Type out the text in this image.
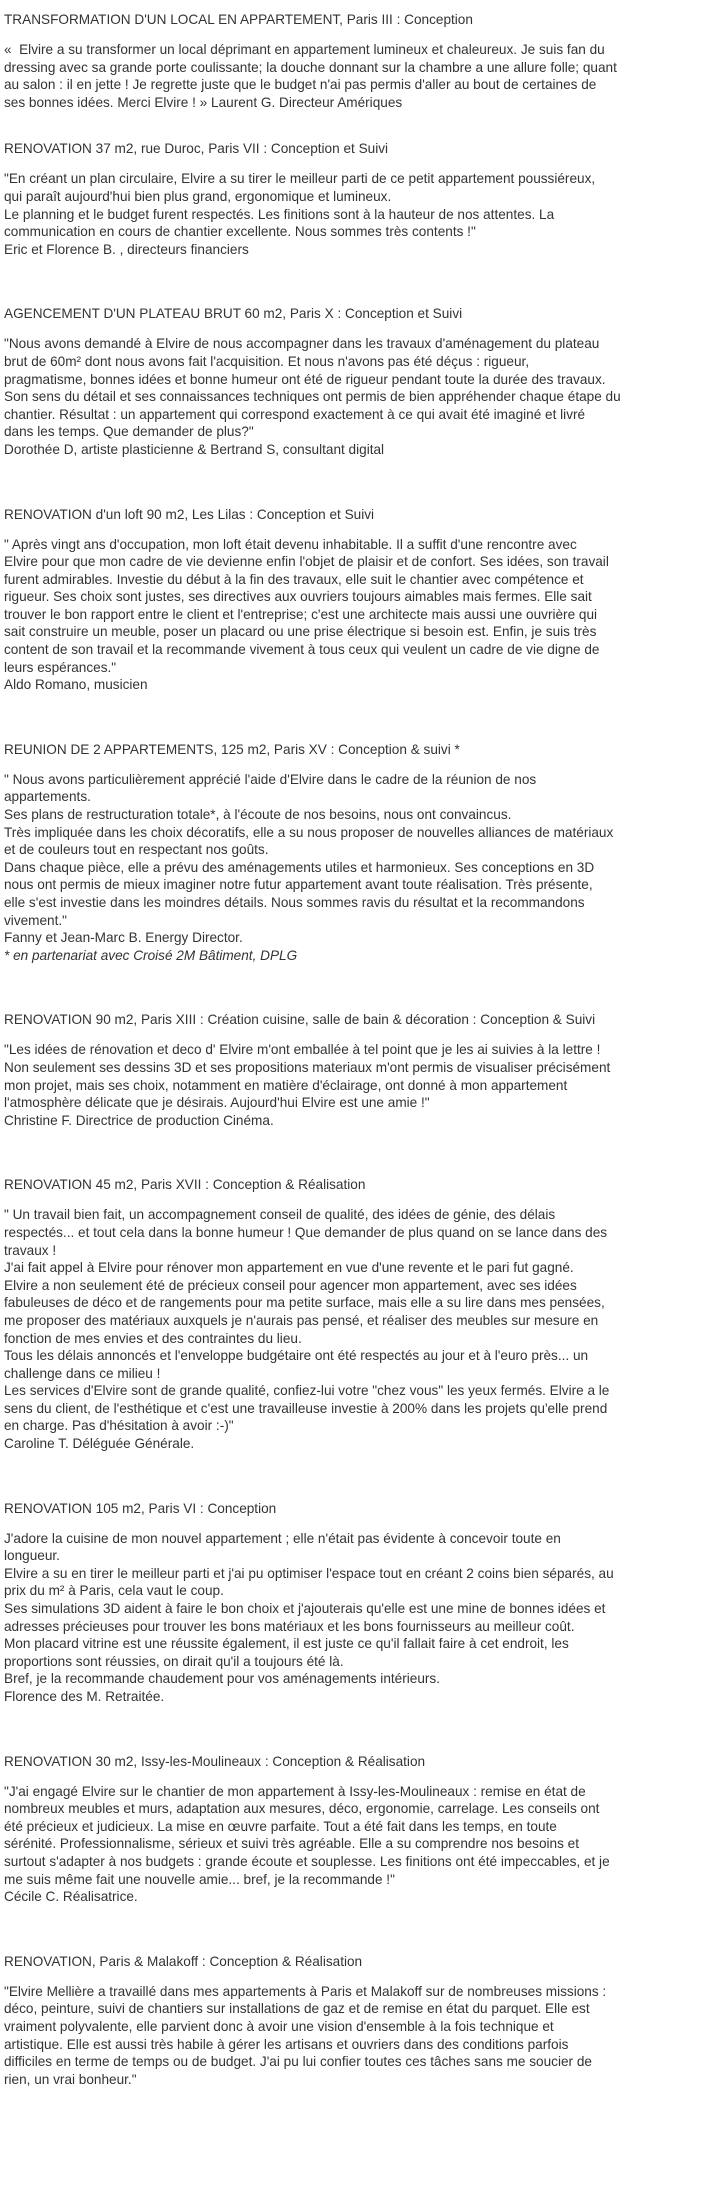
TRANSFORMATION D'UN LOCAL EN APPARTEMENT, Paris III : Conception
«  Elvire a su transformer un local déprimant en appartement lumineux et chaleureux. Je suis fan du
dressing avec sa grande porte coulissante; la douche donnant sur la chambre a une allure folle; quant
au salon : il en jette ! Je regrette juste que le budget n'ai pas permis d'aller au bout de certaines de
ses bonnes idées. Merci Elvire ! » Laurent G. Directeur Amériques
RENOVATION 37 m2, rue Duroc, Paris VII : Conception et Suivi
"En créant un plan circulaire, Elvire a su tirer le meilleur parti de ce petit appartement poussiéreux,
qui paraît aujourd'hui bien plus grand, ergonomique et lumineux.
Le planning et le budget furent respectés. Les finitions sont à la hauteur de nos attentes. La
communication en cours de chantier excellente. Nous sommes très contents !"
Eric et Florence B. , directeurs financiers
AGENCEMENT D'UN PLATEAU BRUT 60 m2, Paris X : Conception et Suivi
"Nous avons demandé à Elvire de nous accompagner dans les travaux d'aménagement du plateau
brut de 60m² dont nous avons fait l'acquisition. Et nous n'avons pas été déçus : rigueur,
pragmatisme, bonnes idées et bonne humeur ont été de rigueur pendant toute la durée des travaux.
Son sens du détail et ses connaissances techniques ont permis de bien appréhender chaque étape du
chantier. Résultat : un appartement qui correspond exactement à ce qui avait été imaginé et livré
dans les temps. Que demander de plus?"
Dorothée D, artiste plasticienne & Bertrand S, consultant digital
RENOVATION d'un loft 90 m2, Les Lilas : Conception et Suivi
" Après vingt ans d'occupation, mon loft était devenu inhabitable. Il a suffit d'une rencontre avec
Elvire pour que mon cadre de vie devienne enfin l'objet de plaisir et de confort. Ses idées, son travail
furent admirables. Investie du début à la fin des travaux, elle suit le chantier avec compétence et
rigueur. Ses choix sont justes, ses directives aux ouvriers toujours aimables mais fermes. Elle sait
trouver le bon rapport entre le client et l'entreprise; c'est une architecte mais aussi une ouvrière qui
sait construire un meuble, poser un placard ou une prise électrique si besoin est. Enfin, je suis très
content de son travail et la recommande vivement à tous ceux qui veulent un cadre de vie digne de
leurs espérances."
Aldo Romano, musicien
REUNION DE 2 APPARTEMENTS, 125 m2, Paris XV : Conception & suivi *
" Nous avons particulièrement apprécié l'aide d'Elvire dans le cadre de la réunion de nos
appartements.
Ses plans de restructuration totale*, à l'écoute de nos besoins, nous ont convaincus.
Très impliquée dans les choix décoratifs, elle a su nous proposer de nouvelles alliances de matériaux
et de couleurs tout en respectant nos goûts.
Dans chaque pièce, elle a prévu des aménagements utiles et harmonieux. Ses conceptions en 3D
nous ont permis de mieux imaginer notre futur appartement avant toute réalisation. Très présente,
elle s'est investie dans les moindres détails. Nous sommes ravis du résultat et la recommandons
vivement."
Fanny et Jean-Marc B. Energy Director.
* en partenariat avec Croisé 2M Bâtiment, DPLG
RENOVATION 90 m2, Paris XIII : Création cuisine, salle de bain & décoration : Conception & Suivi
"Les idées de rénovation et deco d' Elvire m'ont emballée à tel point que je les ai suivies à la lettre !
Non seulement ses dessins 3D et ses propositions materiaux m'ont permis de visualiser précisément
mon projet, mais ses choix, notamment en matière d'éclairage, ont donné à mon appartement
l'atmosphère délicate que je désirais. Aujourd'hui Elvire est une amie !"
Christine F. Directrice de production Cinéma.
RENOVATION 45 m2, Paris XVII : Conception & Réalisation
" Un travail bien fait, un accompagnement conseil de qualité, des idées de génie, des délais
respectés... et tout cela dans la bonne humeur ! Que demander de plus quand on se lance dans des
travaux !
J'ai fait appel à Elvire pour rénover mon appartement en vue d'une revente et le pari fut gagné.
Elvire a non seulement été de précieux conseil pour agencer mon appartement, avec ses idées
fabuleuses de déco et de rangements pour ma petite surface, mais elle a su lire dans mes pensées,
me proposer des matériaux auxquels je n'aurais pas pensé, et réaliser des meubles sur mesure en
fonction de mes envies et des contraintes du lieu.
Tous les délais annoncés et l'enveloppe budgétaire ont été respectés au jour et à l'euro près... un
challenge dans ce milieu !
Les services d'Elvire sont de grande qualité, confiez-lui votre "chez vous" les yeux fermés. Elvire a le
sens du client, de l'esthétique et c'est une travailleuse investie à 200% dans les projets qu'elle prend
en charge. Pas d'hésitation à avoir :-)"
Caroline T. Déléguée Générale.
RENOVATION 105 m2, Paris VI : Conception
J'adore la cuisine de mon nouvel appartement ; elle n'était pas évidente à concevoir toute en
longueur.
Elvire a su en tirer le meilleur parti et j'ai pu optimiser l'espace tout en créant 2 coins bien séparés, au
prix du m² à Paris, cela vaut le coup.
Ses simulations 3D aident à faire le bon choix et j'ajouterais qu'elle est une mine de bonnes idées et
adresses précieuses pour trouver les bons matériaux et les bons fournisseurs au meilleur coût.
Mon placard vitrine est une réussite également, il est juste ce qu'il fallait faire à cet endroit, les
proportions sont réussies, on dirait qu'il a toujours été là.
Bref, je la recommande chaudement pour vos aménagements intérieurs.
Florence des M. Retraitée.
RENOVATION 30 m2, Issy-les-Moulineaux : Conception & Réalisation
"J'ai engagé Elvire sur le chantier de mon appartement à Issy-les-Moulineaux : remise en état de
nombreux meubles et murs, adaptation aux mesures, déco, ergonomie, carrelage. Les conseils ont
été précieux et judicieux. La mise en œuvre parfaite. Tout a été fait dans les temps, en toute
sérénité. Professionnalisme, sérieux et suivi très agréable. Elle a su comprendre nos besoins et
surtout s'adapter à nos budgets : grande écoute et souplesse. Les finitions ont été impeccables, et je
me suis même fait une nouvelle amie... bref, je la recommande !"
Cécile C. Réalisatrice.
RENOVATION, Paris & Malakoff : Conception & Réalisation
"Elvire Mellière a travaillé dans mes appartements à Paris et Malakoff sur de nombreuses missions :
déco, peinture, suivi de chantiers sur installations de gaz et de remise en état du parquet. Elle est
vraiment polyvalente, elle parvient donc à avoir une vision d'ensemble à la fois technique et
artistique. Elle est aussi très habile à gérer les artisans et ouvriers dans des conditions parfois
difficiles en terme de temps ou de budget. J'ai pu lui confier toutes ces tâches sans me soucier de
rien, un vrai bonheur."
